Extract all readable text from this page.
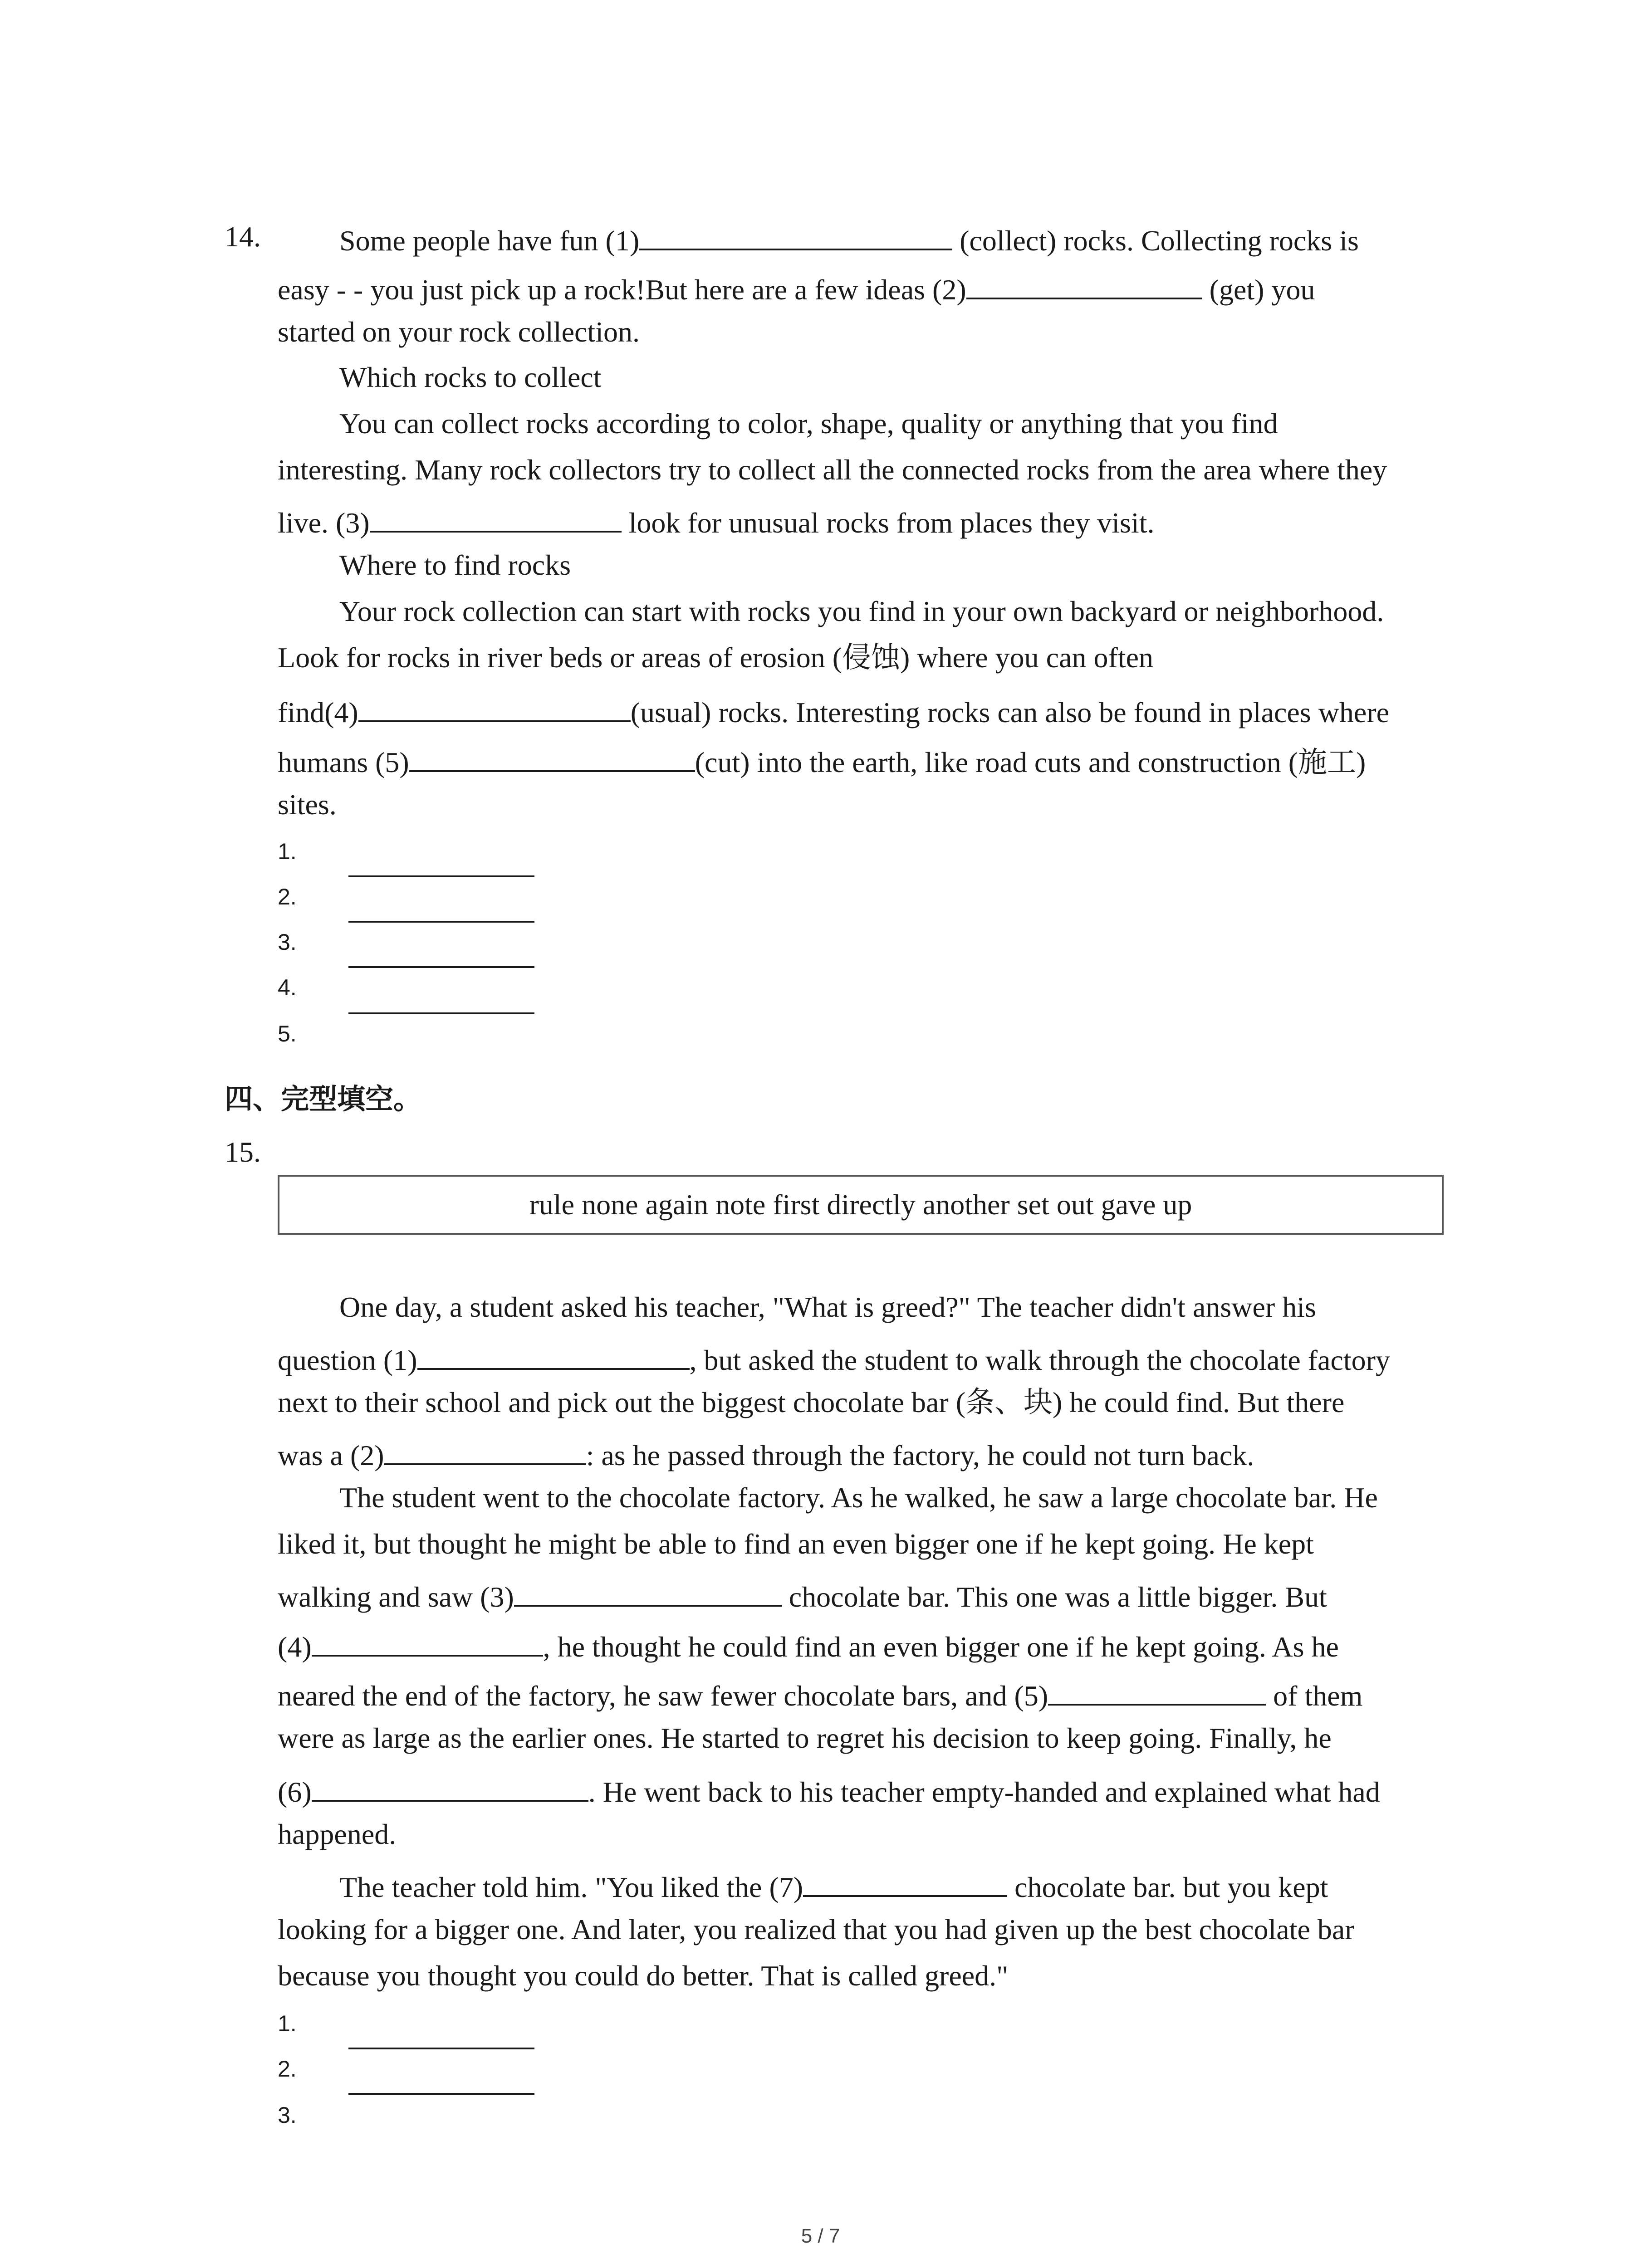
14.	Some people have fun (1)	(collect) rocks. Collecting rocks is
easy - - you just pick up a rock!But here are a few ideas (2)	(get) you
started on your rock collection.
Which rocks to collect
You can collect rocks according to color, shape, quality or anything that you find
interesting. Many rock collectors try to collect all the connected rocks from the area where they
live. (3)	look for unusual rocks from places they visit.
Where to find rocks
Your rock collection can start with rocks you find in your own backyard or neighborhood.
Look for rocks in river beds or areas of erosion (侵蚀) where you can often
find(4)	(usual) rocks. Interesting rocks can also be found in places where
humans (5)	(cut) into the earth, like road cuts and construction (施工)
sites.
1.
2.
3.
4.
5.
四、完型填空。
15.
rule none again note first directly another set out gave up
One day, a student asked his teacher, "What is greed?" The teacher didn't answer his
question (1)	, but asked the student to walk through the chocolate factory
next to their school and pick out the biggest chocolate bar (条、块) he could find. But there
was a (2)	: as he passed through the factory, he could not turn back.
The student went to the chocolate factory. As he walked, he saw a large chocolate bar. He
liked it, but thought he might be able to find an even bigger one if he kept going. He kept
walking and saw (3)	chocolate bar. This one was a little bigger. But
(4)	, he thought he could find an even bigger one if he kept going. As he
neared the end of the factory, he saw fewer chocolate bars, and (5)	of them
were as large as the earlier ones. He started to regret his decision to keep going. Finally, he
(6)	. He went back to his teacher empty-handed and explained what had
happened.
The teacher told him. "You liked the (7)	chocolate bar. but you kept
looking for a bigger one. And later, you realized that you had given up the best chocolate bar
because you thought you could do better. That is called greed."
1.
2.
3.
5 / 7
